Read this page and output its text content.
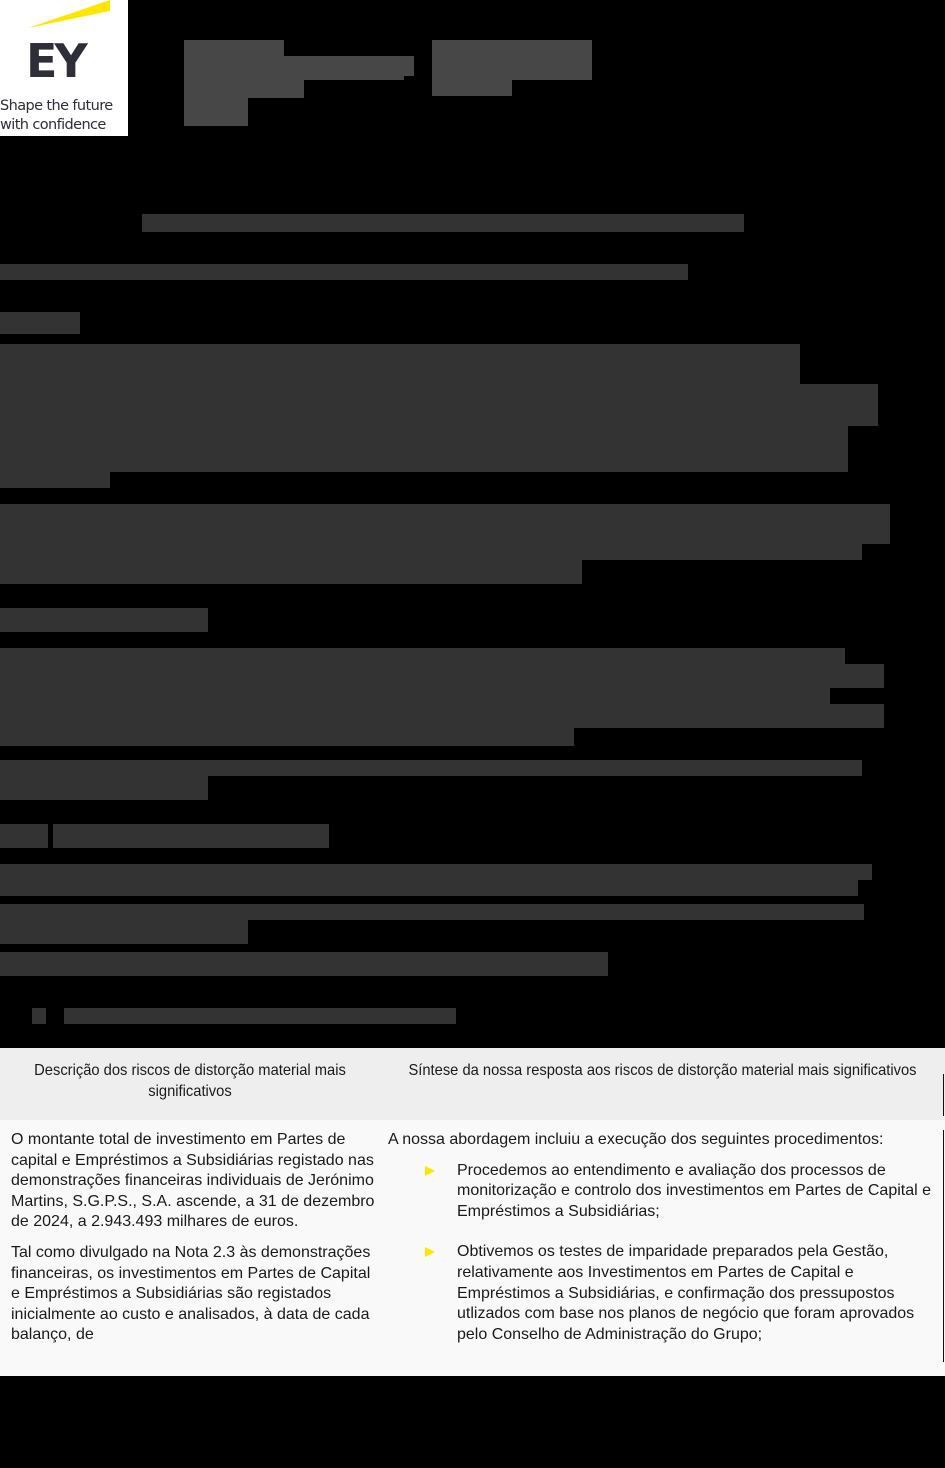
EY
Shape the future
with confidence
Descrição dos riscos de distorção material mais significativos
Síntese da nossa resposta aos riscos de distorção material mais significativos

O montante total de investimento em Partes de capital e Empréstimos a Subsidiárias registado nas demonstrações financeiras individuais de Jerónimo Martins, S.G.P.S., S.A. ascende, a 31 de dezembro de 2024, a 2.943.493 milhares de euros.

Tal como divulgado na Nota 2.3 às demonstrações financeiras, os investimentos em Partes de Capital e Empréstimos a Subsidiárias são registados inicialmente ao custo e analisados, à data de cada balanço, de

A nossa abordagem incluiu a execução dos seguintes procedimentos:
Procedemos ao entendimento e avaliação dos processos de monitorização e controlo dos investimentos em Partes de Capital e Empréstimos a Subsidiárias;
Obtivemos os testes de imparidade preparados pela Gestão, relativamente aos Investimentos em Partes de Capital e Empréstimos a Subsidiárias, e confirmação dos pressupostos utlizados com base nos planos de negócio que foram aprovados pelo Conselho de Administração do Grupo;
